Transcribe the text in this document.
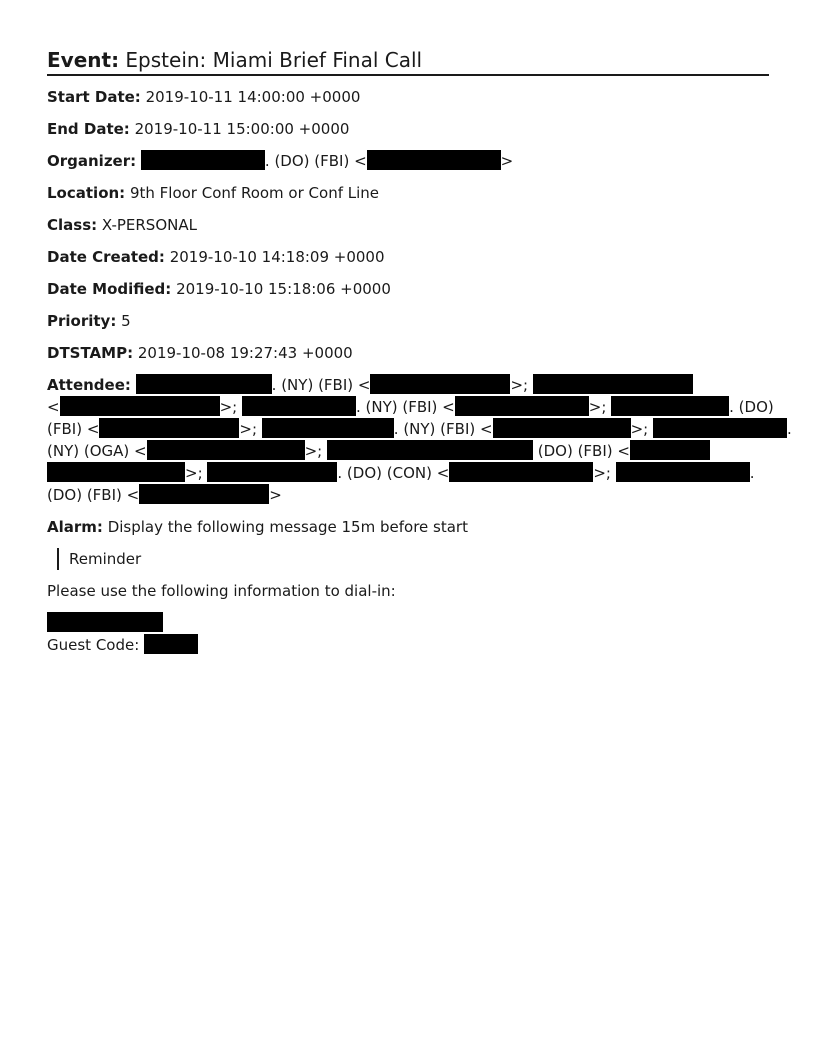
Event: Epstein: Miami Brief Final Call
Start Date: 2019-10-11 14:00:00 +0000
End Date: 2019-10-11 15:00:00 +0000
Organizer:	. (DO) (FBI) <	>
Location: 9th Floor Conf Room or Conf Line
Class: X-PERSONAL
Date Created: 2019-10-10 14:18:09 +0000
Date Modified: 2019-10-10 15:18:06 +0000
Priority: 5
DTSTAMP: 2019-10-08 19:27:43 +0000
Attendee:	. (NY) (FBI) <	>;
<	>;	. (NY) (FBI) <	>;	. (DO)
(FBI) <	>;	. (NY) (FBI) <	>;	.
(NY) (OGA) <	>;	(DO) (FBI) <
>;	. (DO) (CON) <	>;	.
(DO) (FBI) <	>
Alarm: Display the following message 15m before start
Reminder
Please use the following information to dial-in:
Guest Code:
